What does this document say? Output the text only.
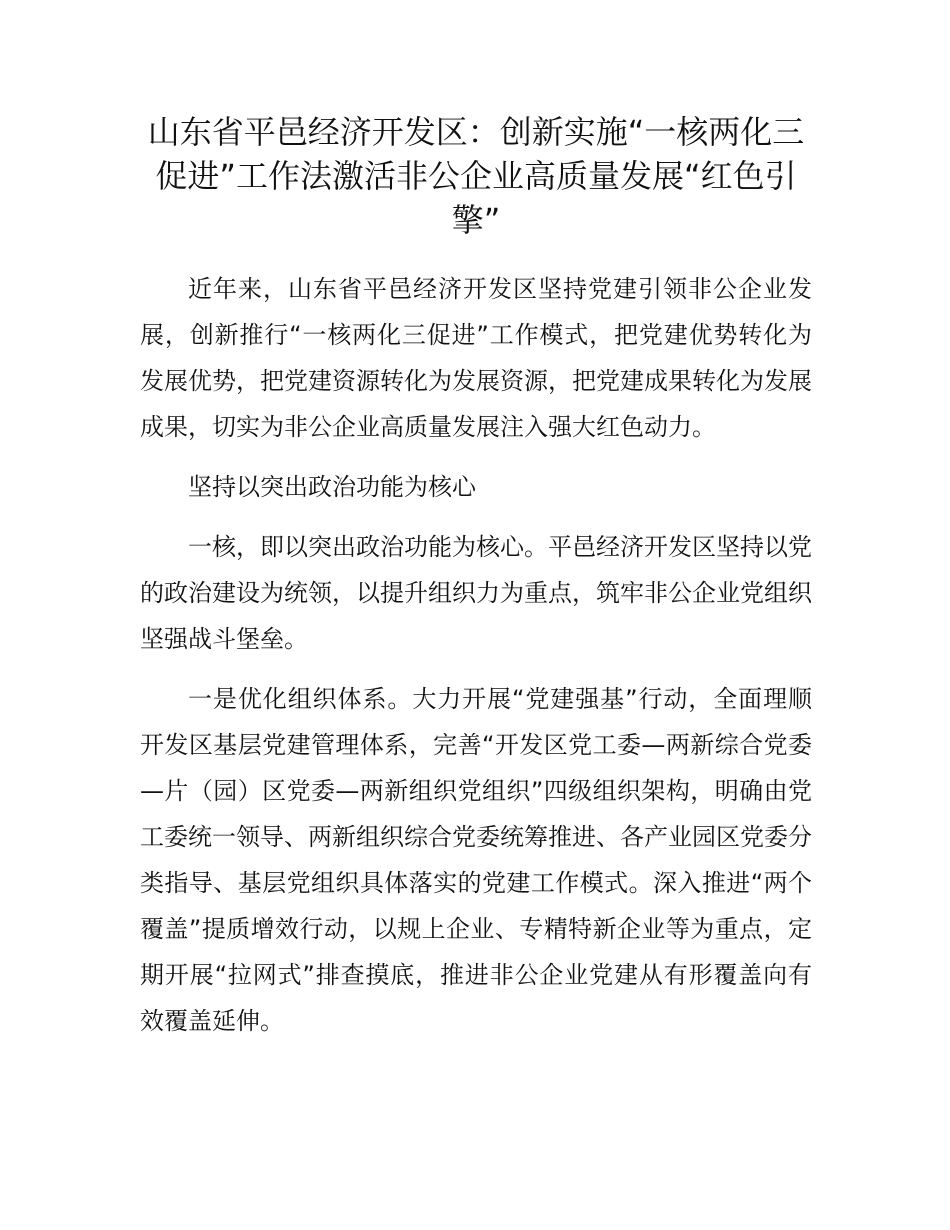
山东省平邑经济开发区：创新实施“一核两化三促进”工作法激活非公企业高质量发展“红色引擎”

近年来，山东省平邑经济开发区坚持党建引领非公企业发展，创新推行“一核两化三促进”工作模式，把党建优势转化为发展优势，把党建资源转化为发展资源，把党建成果转化为发展成果，切实为非公企业高质量发展注入强大红色动力。

坚持以突出政治功能为核心

一核，即以突出政治功能为核心。平邑经济开发区坚持以党的政治建设为统领，以提升组织力为重点，筑牢非公企业党组织坚强战斗堡垒。

一是优化组织体系。大力开展“党建强基”行动，全面理顺开发区基层党建管理体系，完善“开发区党工委—两新综合党委—片（园）区党委—两新组织党组织”四级组织架构，明确由党工委统一领导、两新组织综合党委统筹推进、各产业园区党委分类指导、基层党组织具体落实的党建工作模式。深入推进“两个覆盖”提质增效行动，以规上企业、专精特新企业等为重点，定期开展“拉网式”排查摸底，推进非公企业党建从有形覆盖向有效覆盖延伸。
